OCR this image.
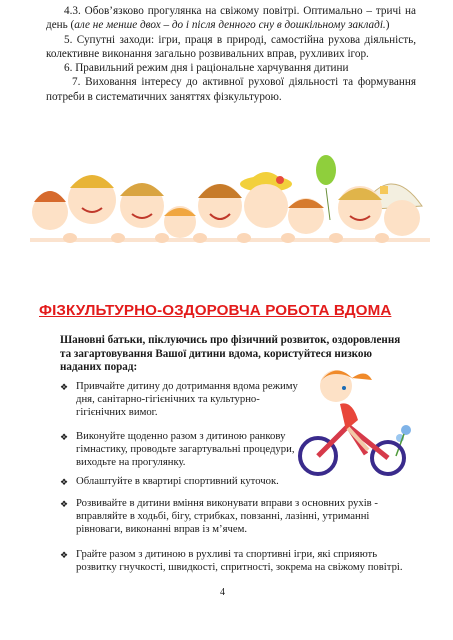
4.3. Обов’язково прогулянка на свіжому повітрі. Оптимально – тричі на день (але не менше двох – до і після денного сну в дошкільному закладі.)

5. Супутні заходи: ігри, праця в природі, самостійна рухова діяльність, колективне виконання загально розвивальних вправ, рухливих ігор.

6. Правильний режим дня і раціональне харчування дитини

7. Виховання інтересу до активної рухової діяльності та формування потреби в систематичних заняттях фізкультурою.

ФІЗКУЛЬТУРНО-ОЗДОРОВЧА РОБОТА ВДОМА
Шановні батьки, піклуючись про фізичний розвиток, оздоровлення та загартовування Вашої дитини вдома, користуйтеся низкою наданих порад:
❖ Привчайте дитину до дотримання вдома режиму дня, санітарно-гігієнічних та культурно-гігієнічних вимог.
❖ Виконуйте щоденно разом з дитиною ранкову гімнастику, проводьте загартувальні процедури, виходьте на прогулянку.
❖ Облаштуйте в квартирі спортивний куточок.
❖ Розвивайте в дитини вміння виконувати вправи з основних рухів - вправляйте в ходьбі, бігу, стрибках, повзанні, лазінні, утриманні рівноваги, виконанні вправ із м’ячем.
❖ Грайте разом з дитиною в рухливі та спортивні ігри, які сприяють розвитку гнучкості, швидкості, спритності, зокрема на свіжому повітрі.
4
